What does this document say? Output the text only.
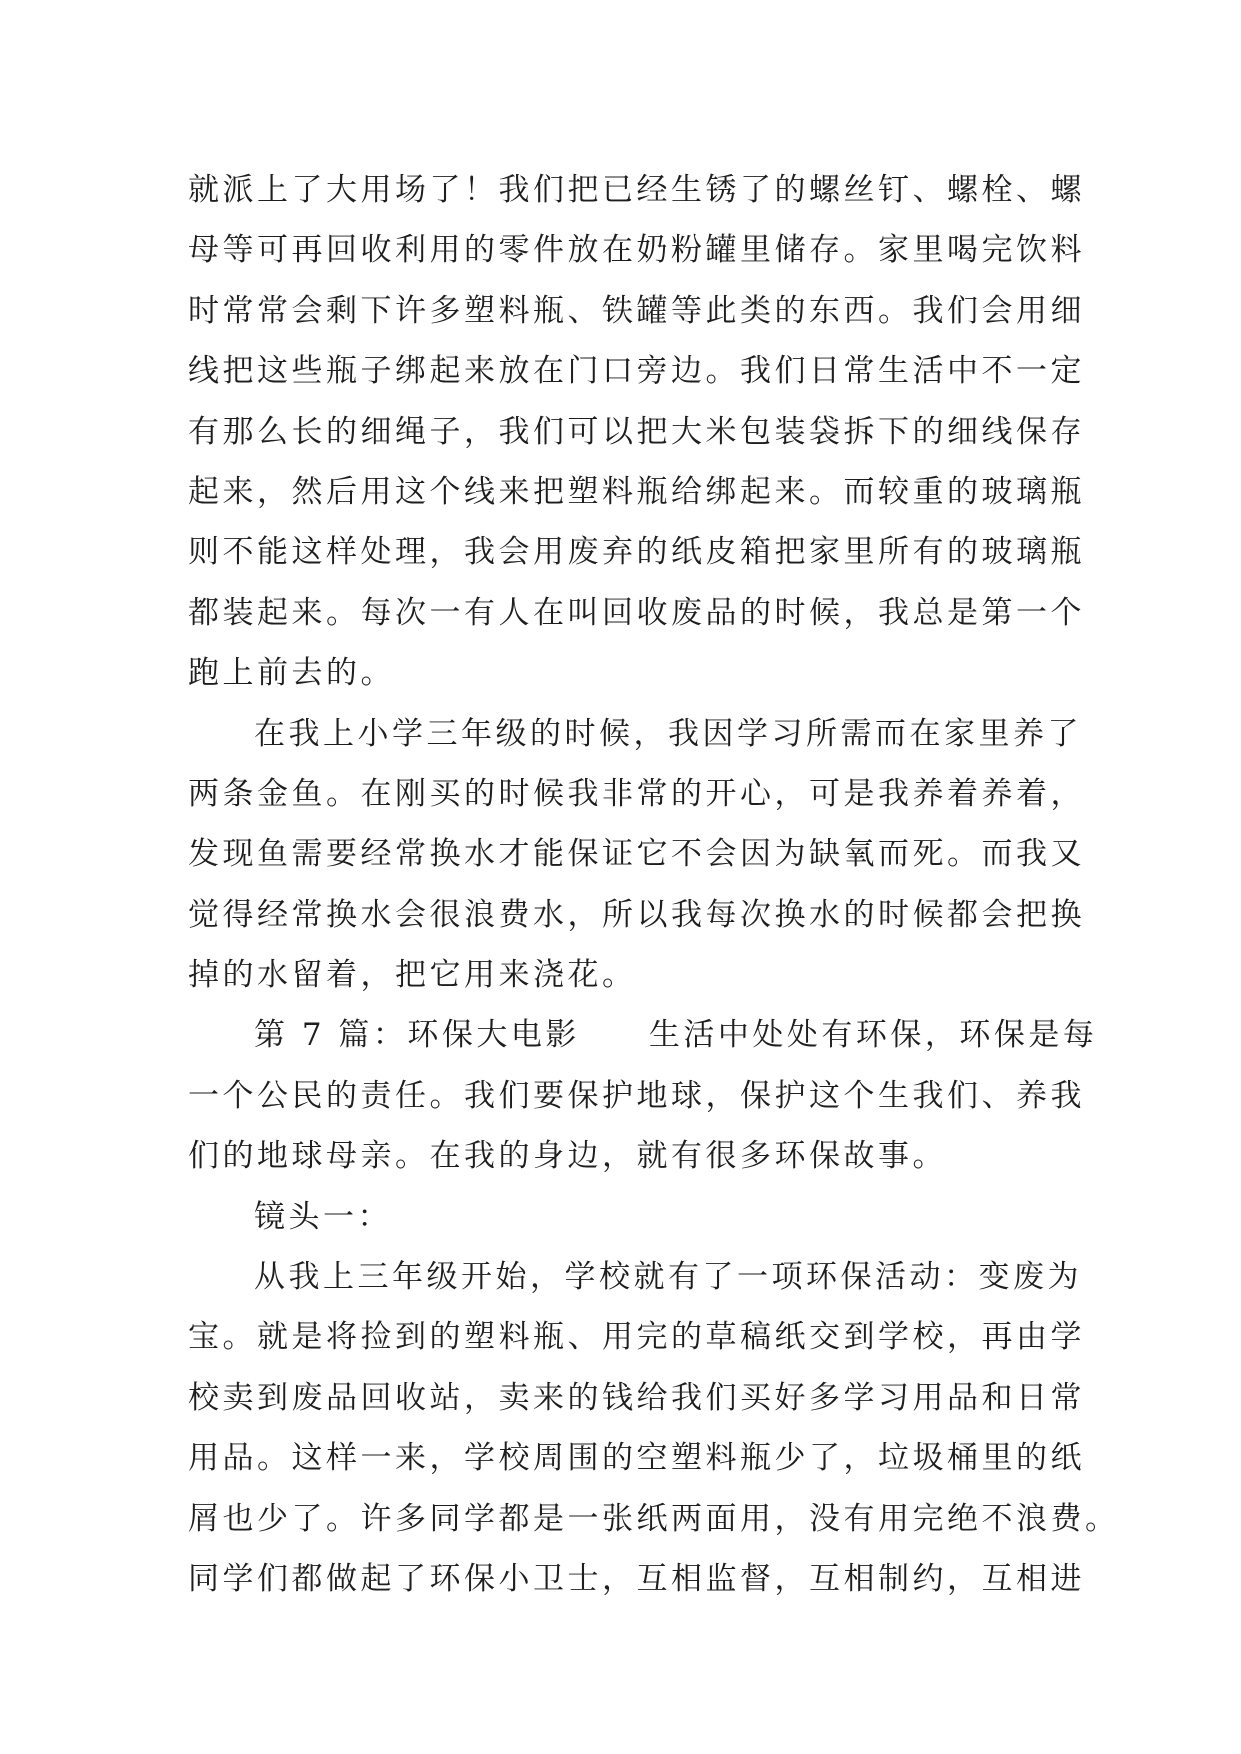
就派上了大用场了！我们把已经生锈了的螺丝钉、螺栓、螺
母等可再回收利用的零件放在奶粉罐里储存。家里喝完饮料
时常常会剩下许多塑料瓶、铁罐等此类的东西。我们会用细
线把这些瓶子绑起来放在门口旁边。我们日常生活中不一定
有那么长的细绳子，我们可以把大米包装袋拆下的细线保存
起来，然后用这个线来把塑料瓶给绑起来。而较重的玻璃瓶
则不能这样处理，我会用废弃的纸皮箱把家里所有的玻璃瓶
都装起来。每次一有人在叫回收废品的时候，我总是第一个
跑上前去的。
在我上小学三年级的时候，我因学习所需而在家里养了
两条金鱼。在刚买的时候我非常的开心，可是我养着养着，
发现鱼需要经常换水才能保证它不会因为缺氧而死。而我又
觉得经常换水会很浪费水，所以我每次换水的时候都会把换
掉的水留着，把它用来浇花。
第 7 篇：环保大电影　　生活中处处有环保，环保是每
一个公民的责任。我们要保护地球，保护这个生我们、养我
们的地球母亲。在我的身边，就有很多环保故事。
镜头一：
从我上三年级开始，学校就有了一项环保活动：变废为
宝。就是将捡到的塑料瓶、用完的草稿纸交到学校，再由学
校卖到废品回收站，卖来的钱给我们买好多学习用品和日常
用品。这样一来，学校周围的空塑料瓶少了，垃圾桶里的纸
屑也少了。许多同学都是一张纸两面用，没有用完绝不浪费。
同学们都做起了环保小卫士，互相监督，互相制约，互相进
